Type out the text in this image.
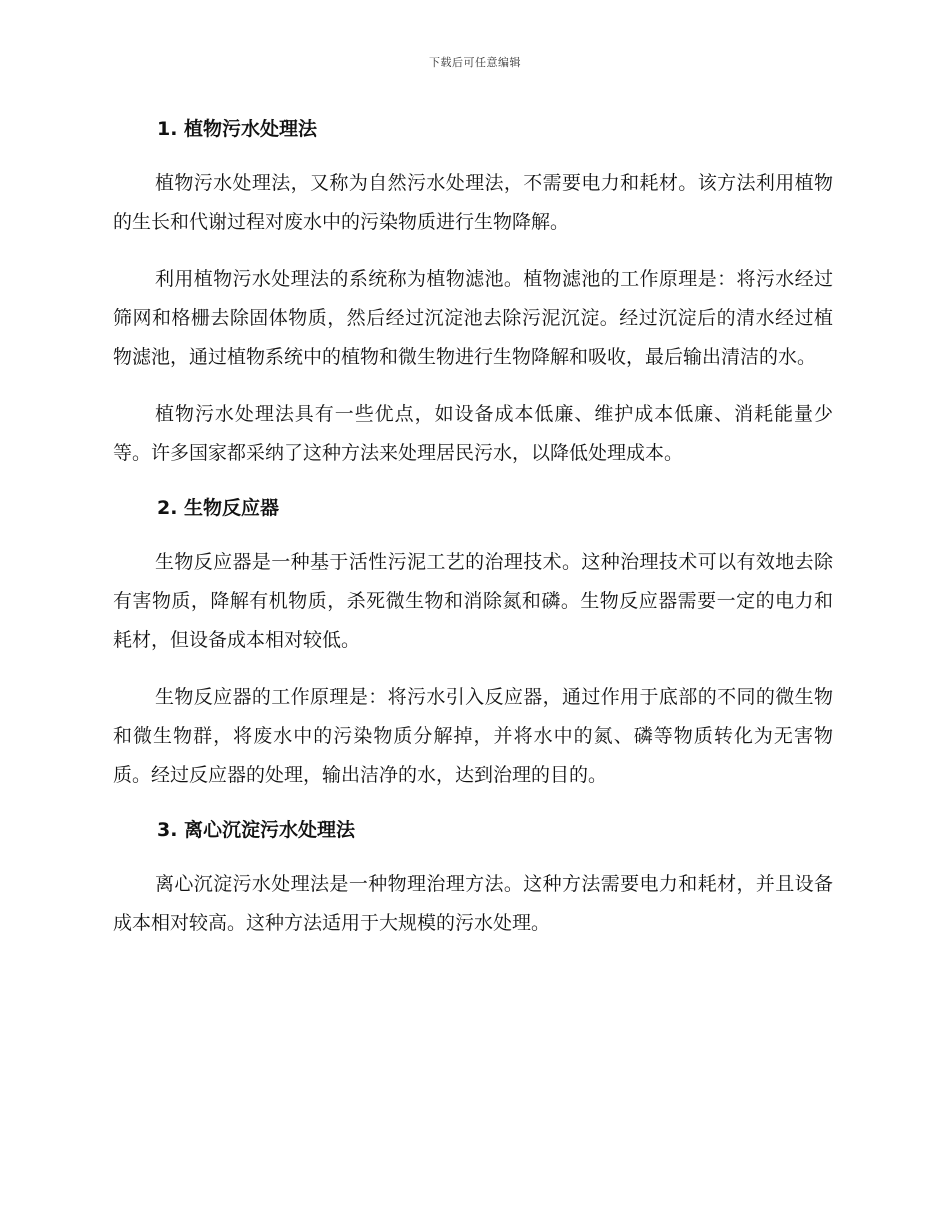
下载后可任意编辑
1. 植物污水处理法

植物污水处理法，又称为自然污水处理法，不需要电力和耗材。该方法利用植物的生长和代谢过程对废水中的污染物质进行生物降解。

利用植物污水处理法的系统称为植物滤池。植物滤池的工作原理是：将污水经过筛网和格栅去除固体物质，然后经过沉淀池去除污泥沉淀。经过沉淀后的清水经过植物滤池，通过植物系统中的植物和微生物进行生物降解和吸收，最后输出清洁的水。

植物污水处理法具有一些优点，如设备成本低廉、维护成本低廉、消耗能量少等。许多国家都采纳了这种方法来处理居民污水，以降低处理成本。

2. 生物反应器

生物反应器是一种基于活性污泥工艺的治理技术。这种治理技术可以有效地去除有害物质，降解有机物质，杀死微生物和消除氮和磷。生物反应器需要一定的电力和耗材，但设备成本相对较低。

生物反应器的工作原理是：将污水引入反应器，通过作用于底部的不同的微生物和微生物群，将废水中的污染物质分解掉，并将水中的氮、磷等物质转化为无害物质。经过反应器的处理，输出洁净的水，达到治理的目的。

3. 离心沉淀污水处理法

离心沉淀污水处理法是一种物理治理方法。这种方法需要电力和耗材，并且设备成本相对较高。这种方法适用于大规模的污水处理。
